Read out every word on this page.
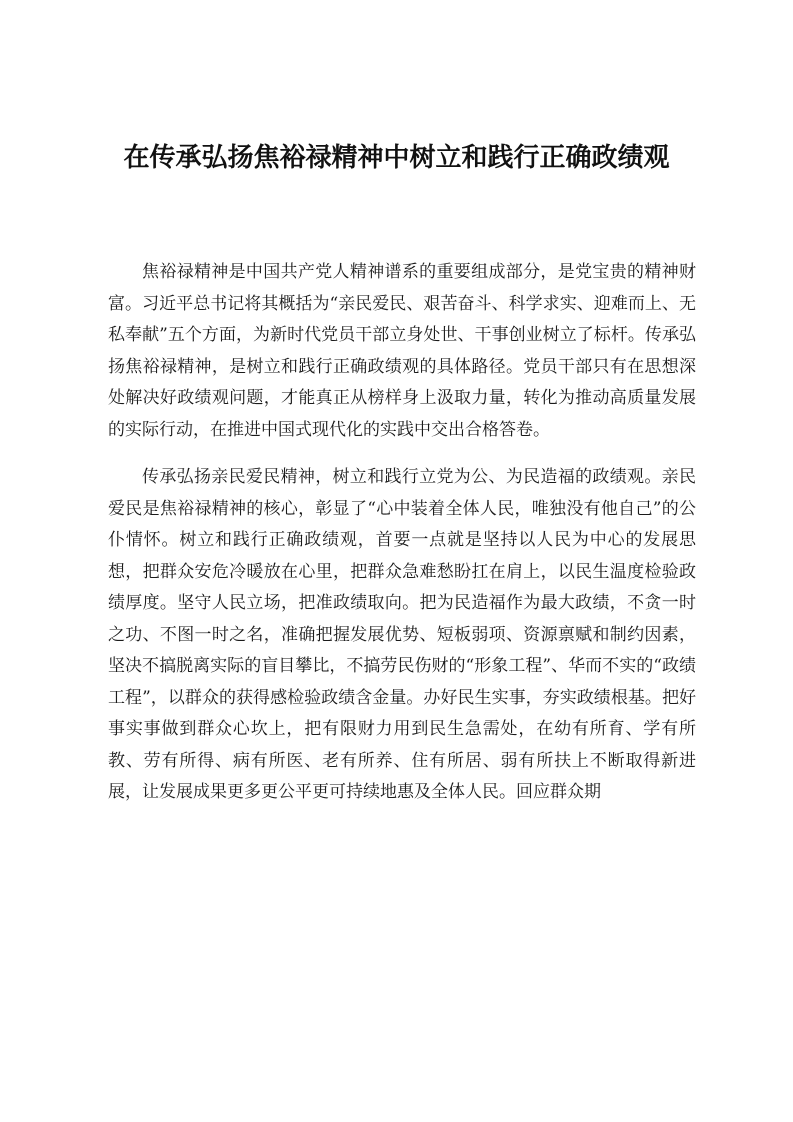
在传承弘扬焦裕禄精神中树立和践行正确政绩观

焦裕禄精神是中国共产党人精神谱系的重要组成部分，是党宝贵的精神财富。习近平总书记将其概括为“亲民爱民、艰苦奋斗、科学求实、迎难而上、无私奉献”五个方面，为新时代党员干部立身处世、干事创业树立了标杆。传承弘扬焦裕禄精神，是树立和践行正确政绩观的具体路径。党员干部只有在思想深处解决好政绩观问题，才能真正从榜样身上汲取力量，转化为推动高质量发展的实际行动，在推进中国式现代化的实践中交出合格答卷。

传承弘扬亲民爱民精神，树立和践行立党为公、为民造福的政绩观。亲民爱民是焦裕禄精神的核心，彰显了“心中装着全体人民，唯独没有他自己”的公仆情怀。树立和践行正确政绩观，首要一点就是坚持以人民为中心的发展思想，把群众安危冷暖放在心里，把群众急难愁盼扛在肩上，以民生温度检验政绩厚度。坚守人民立场，把准政绩取向。把为民造福作为最大政绩，不贪一时之功、不图一时之名，准确把握发展优势、短板弱项、资源禀赋和制约因素，坚决不搞脱离实际的盲目攀比，不搞劳民伤财的“形象工程”、华而不实的“政绩工程”，以群众的获得感检验政绩含金量。办好民生实事，夯实政绩根基。把好事实事做到群众心坎上，把有限财力用到民生急需处，在幼有所育、学有所教、劳有所得、病有所医、老有所养、住有所居、弱有所扶上不断取得新进展，让发展成果更多更公平更可持续地惠及全体人民。回应群众期
